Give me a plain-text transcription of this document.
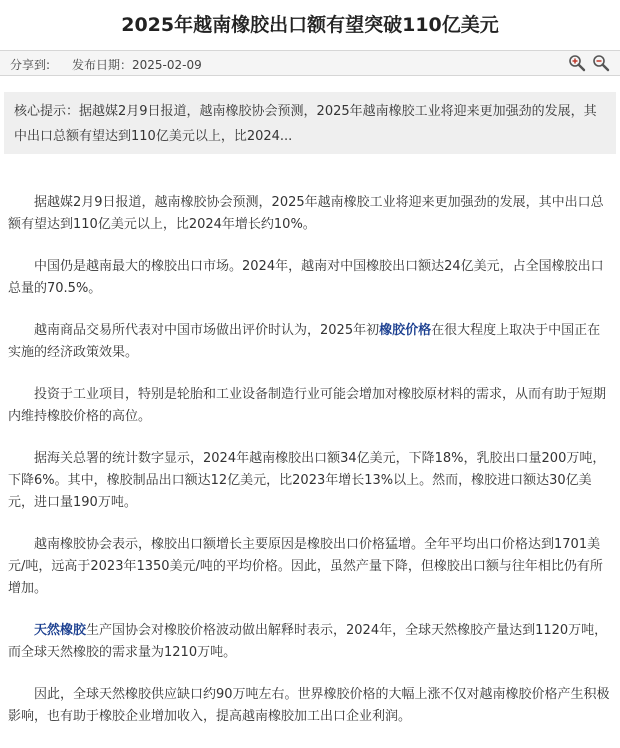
2025年越南橡胶出口额有望突破110亿美元
分享到: 发布日期：2025-02-09
核心提示：据越媒2月9日报道，越南橡胶协会预测，2025年越南橡胶工业将迎来更加强劲的发展，其中出口总额有望达到110亿美元以上，比2024...

据越媒2月9日报道，越南橡胶协会预测，2025年越南橡胶工业将迎来更加强劲的发展，其中出口总额有望达到110亿美元以上，比2024年增长约10%。

中国仍是越南最大的橡胶出口市场。2024年，越南对中国橡胶出口额达24亿美元，占全国橡胶出口总量的70.5%。

越南商品交易所代表对中国市场做出评价时认为，2025年初橡胶价格在很大程度上取决于中国正在实施的经济政策效果。

投资于工业项目，特别是轮胎和工业设备制造行业可能会增加对橡胶原材料的需求，从而有助于短期内维持橡胶价格的高位。

据海关总署的统计数字显示，2024年越南橡胶出口额34亿美元，下降18%，乳胶出口量200万吨，下降6%。其中，橡胶制品出口额达12亿美元，比2023年增长13%以上。然而，橡胶进口额达30亿美元，进口量190万吨。

越南橡胶协会表示，橡胶出口额增长主要原因是橡胶出口价格猛增。全年平均出口价格达到1701美元/吨，远高于2023年1350美元/吨的平均价格。因此，虽然产量下降，但橡胶出口额与往年相比仍有所增加。

天然橡胶生产国协会对橡胶价格波动做出解释时表示，2024年，全球天然橡胶产量达到1120万吨，而全球天然橡胶的需求量为1210万吨。

因此，全球天然橡胶供应缺口约90万吨左右。世界橡胶价格的大幅上涨不仅对越南橡胶价格产生积极影响，也有助于橡胶企业增加收入，提高越南橡胶加工出口企业利润。
